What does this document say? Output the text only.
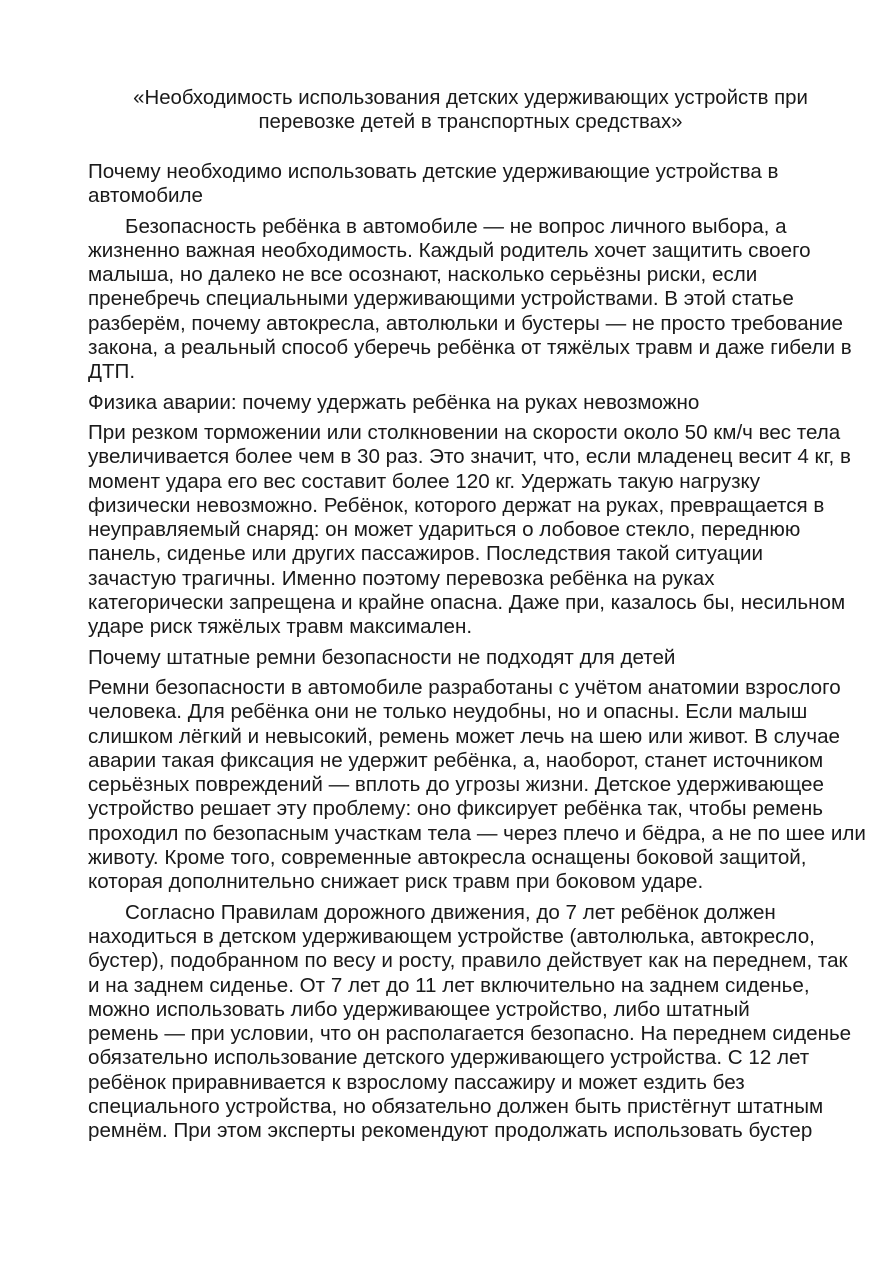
«Необходимость использования детских удерживающих устройств при
перевозке детей в транспортных средствах»

Почему необходимо использовать детские удерживающие устройства в
автомобиле

Безопасность ребёнка в автомобиле — не вопрос личного выбора, а
жизненно важная необходимость. Каждый родитель хочет защитить своего
малыша, но далеко не все осознают, насколько серьёзны риски, если
пренебречь специальными удерживающими устройствами. В этой статье
разберём, почему автокресла, автолюльки и бустеры — не просто требование
закона, а реальный способ уберечь ребёнка от тяжёлых травм и даже гибели в
ДТП.

Физика аварии: почему удержать ребёнка на руках невозможно

При резком торможении или столкновении на скорости около 50 км/ч вес тела
увеличивается более чем в 30 раз. Это значит, что, если младенец весит 4 кг, в
момент удара его вес составит более 120 кг. Удержать такую нагрузку
физически невозможно. Ребёнок, которого держат на руках, превращается в
неуправляемый снаряд: он может удариться о лобовое стекло, переднюю
панель, сиденье или других пассажиров. Последствия такой ситуации
зачастую трагичны. Именно поэтому перевозка ребёнка на руках
категорически запрещена и крайне опасна. Даже при, казалось бы, несильном
ударе риск тяжёлых травм максимален.

Почему штатные ремни безопасности не подходят для детей

Ремни безопасности в автомобиле разработаны с учётом анатомии взрослого
человека. Для ребёнка они не только неудобны, но и опасны. Если малыш
слишком лёгкий и невысокий, ремень может лечь на шею или живот. В случае
аварии такая фиксация не удержит ребёнка, а, наоборот, станет источником
серьёзных повреждений — вплоть до угрозы жизни. Детское удерживающее
устройство решает эту проблему: оно фиксирует ребёнка так, чтобы ремень
проходил по безопасным участкам тела — через плечо и бёдра, а не по шее или
животу. Кроме того, современные автокресла оснащены боковой защитой,
которая дополнительно снижает риск травм при боковом ударе.

Согласно Правилам дорожного движения, до 7 лет ребёнок должен
находиться в детском удерживающем устройстве (автолюлька, автокресло,
бустер), подобранном по весу и росту, правило действует как на переднем, так
и на заднем сиденье. От 7 лет до 11 лет включительно на заднем сиденье,
можно использовать либо удерживающее устройство, либо штатный
ремень — при условии, что он располагается безопасно. На переднем сиденье
обязательно использование детского удерживающего устройства. С 12 лет
ребёнок приравнивается к взрослому пассажиру и может ездить без
специального устройства, но обязательно должен быть пристёгнут штатным
ремнём. При этом эксперты рекомендуют продолжать использовать бустер
